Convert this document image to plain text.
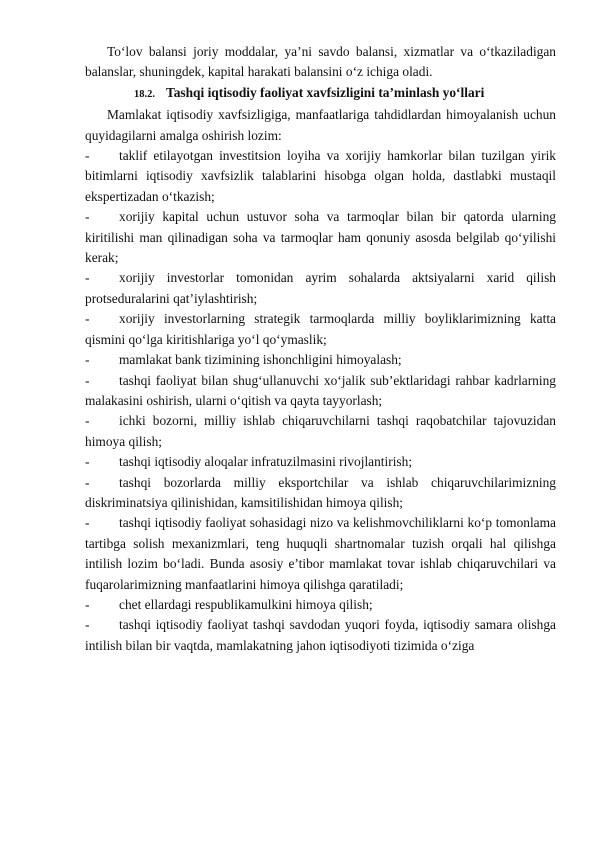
To‘lov balansi joriy moddalar, ya’ni savdo balansi, xizmatlar va o‘tkaziladigan balanslar, shuningdek, kapital harakati balansini o‘z ichiga oladi.

18.2. Tashqi iqtisodiy faoliyat xavfsizligini ta’minlash yo‘llari

Mamlakat iqtisodiy xavfsizligiga, manfaatlariga tahdidlardan himoyalanish uchun quyidagilarni amalga oshirish lozim:

- taklif etilayotgan investitsion loyiha va xorijiy hamkorlar bilan tuzilgan yirik bitimlarni iqtisodiy xavfsizlik talablarini hisobga olgan holda, dastlabki mustaqil ekspertizadan o‘tkazish;

- xorijiy kapital uchun ustuvor soha va tarmoqlar bilan bir qatorda ularning kiritilishi man qilinadigan soha va tarmoqlar ham qonuniy asosda belgilab qo‘yilishi kerak;

- xorijiy investorlar tomonidan ayrim sohalarda aktsiyalarni xarid qilish protseduralarini qat’iylashtirish;

- xorijiy investorlarning strategik tarmoqlarda milliy boyliklarimizning katta qismini qo‘lga kiritishlariga yo‘l qo‘ymaslik;

- mamlakat bank tizimining ishonchligini himoyalash;

- tashqi faoliyat bilan shug‘ullanuvchi xo‘jalik sub’ektlaridagi rahbar kadrlarning malakasini oshirish, ularni o‘qitish va qayta tayyorlash;

- ichki bozorni, milliy ishlab chiqaruvchilarni tashqi raqobatchilar tajovuzidan himoya qilish;

- tashqi iqtisodiy aloqalar infratuzilmasini rivojlantirish;

- tashqi bozorlarda milliy eksportchilar va ishlab chiqaruvchilarimizning diskriminatsiya qilinishidan, kamsitilishidan himoya qilish;

- tashqi iqtisodiy faoliyat sohasidagi nizo va kelishmovchiliklarni ko‘p tomonlama tartibga solish mexanizmlari, teng huquqli shartnomalar tuzish orqali hal qilishga intilish lozim bo‘ladi. Bunda asosiy e’tibor mamlakat tovar ishlab chiqaruvchilari va fuqarolarimizning manfaatlarini himoya qilishga qaratiladi;

- chet ellardagi respublikamulkini himoya qilish;

- tashqi iqtisodiy faoliyat tashqi savdodan yuqori foyda, iqtisodiy samara olishga intilish bilan bir vaqtda, mamlakatning jahon iqtisodiyoti tizimida o‘ziga
